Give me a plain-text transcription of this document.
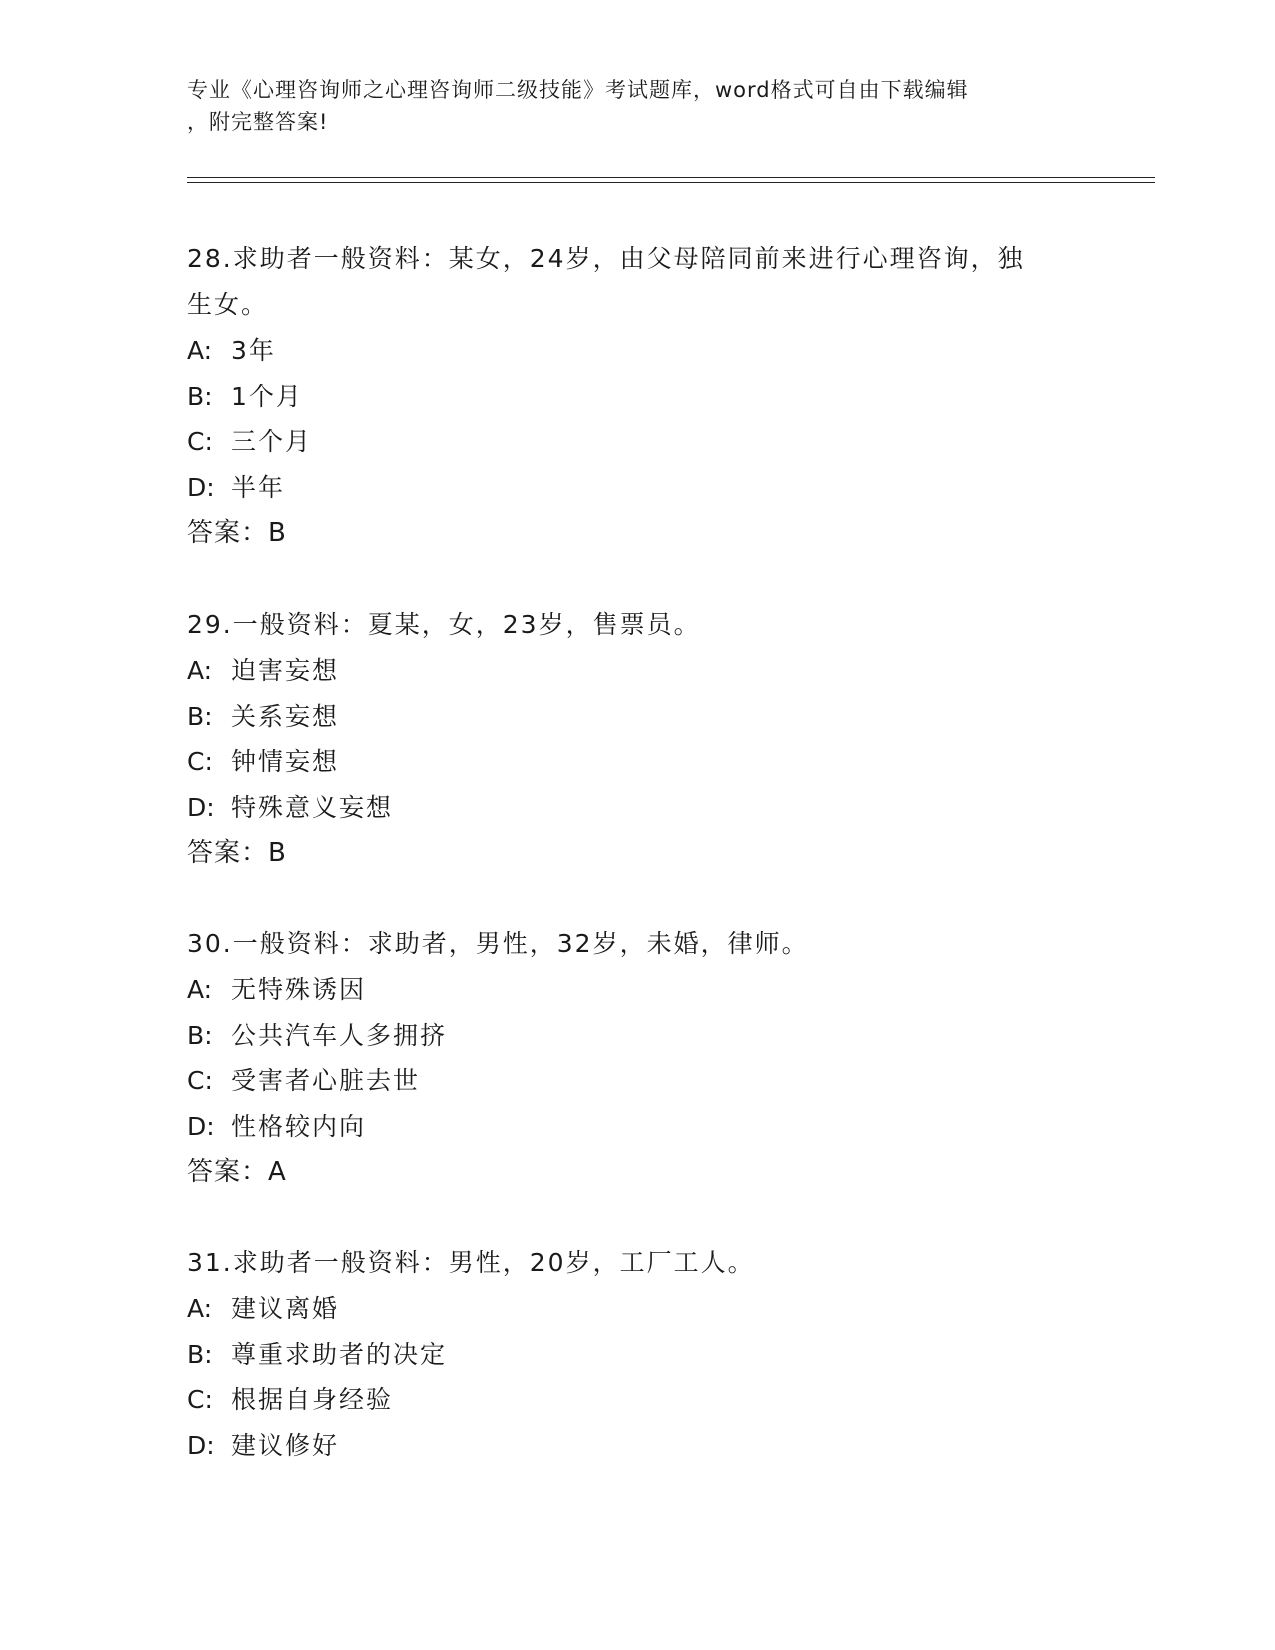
专业《心理咨询师之心理咨询师二级技能》考试题库，word格式可自由下载编辑
，附完整答案!
28.求助者一般资料：某女，24岁，由父母陪同前来进行心理咨询，独
生女。
A: 3年
B: 1个月
C: 三个月
D: 半年
答案：B
29.一般资料：夏某，女，23岁，售票员。
A: 迫害妄想
B: 关系妄想
C: 钟情妄想
D: 特殊意义妄想
答案：B
30.一般资料：求助者，男性，32岁，未婚，律师。
A: 无特殊诱因
B: 公共汽车人多拥挤
C: 受害者心脏去世
D: 性格较内向
答案：A
31.求助者一般资料：男性，20岁，工厂工人。
A: 建议离婚
B: 尊重求助者的决定
C: 根据自身经验
D: 建议修好
